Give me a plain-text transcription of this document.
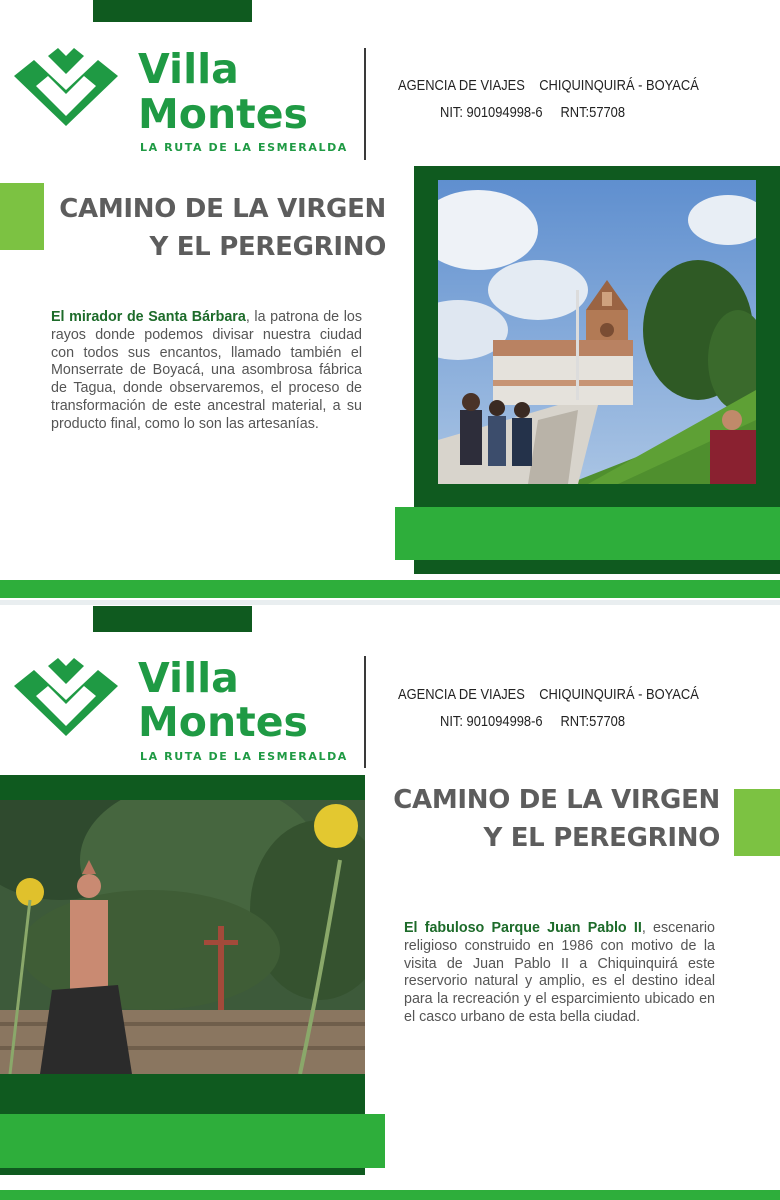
Villa
Montes
LA RUTA DE LA ESMERALDA
AGENCIA DE VIAJES    CHIQUINQUIRÁ - BOYACÁ
NIT: 901094998-6     RNT:57708
CAMINO DE LA VIRGEN
Y EL PEREGRINO
El mirador de Santa Bárbara, la patrona de los rayos donde podemos divisar nuestra ciudad con todos sus encantos, llamado también el Monserrate de Boyacá, una asombrosa fábrica de Tagua, donde observaremos, el proceso de transformación de este ancestral material, a su producto final, como lo son las artesanías.
Villa
Montes
LA RUTA DE LA ESMERALDA
AGENCIA DE VIAJES    CHIQUINQUIRÁ - BOYACÁ
NIT: 901094998-6     RNT:57708
CAMINO DE LA VIRGEN
Y EL PEREGRINO
El fabuloso Parque Juan Pablo II, escenario religioso construido en 1986 con motivo de la visita de Juan Pablo II a Chiquinquirá este reservorio natural y amplio, es el destino ideal para la recreación y el esparcimiento ubicado en el casco urbano de esta bella ciudad.
